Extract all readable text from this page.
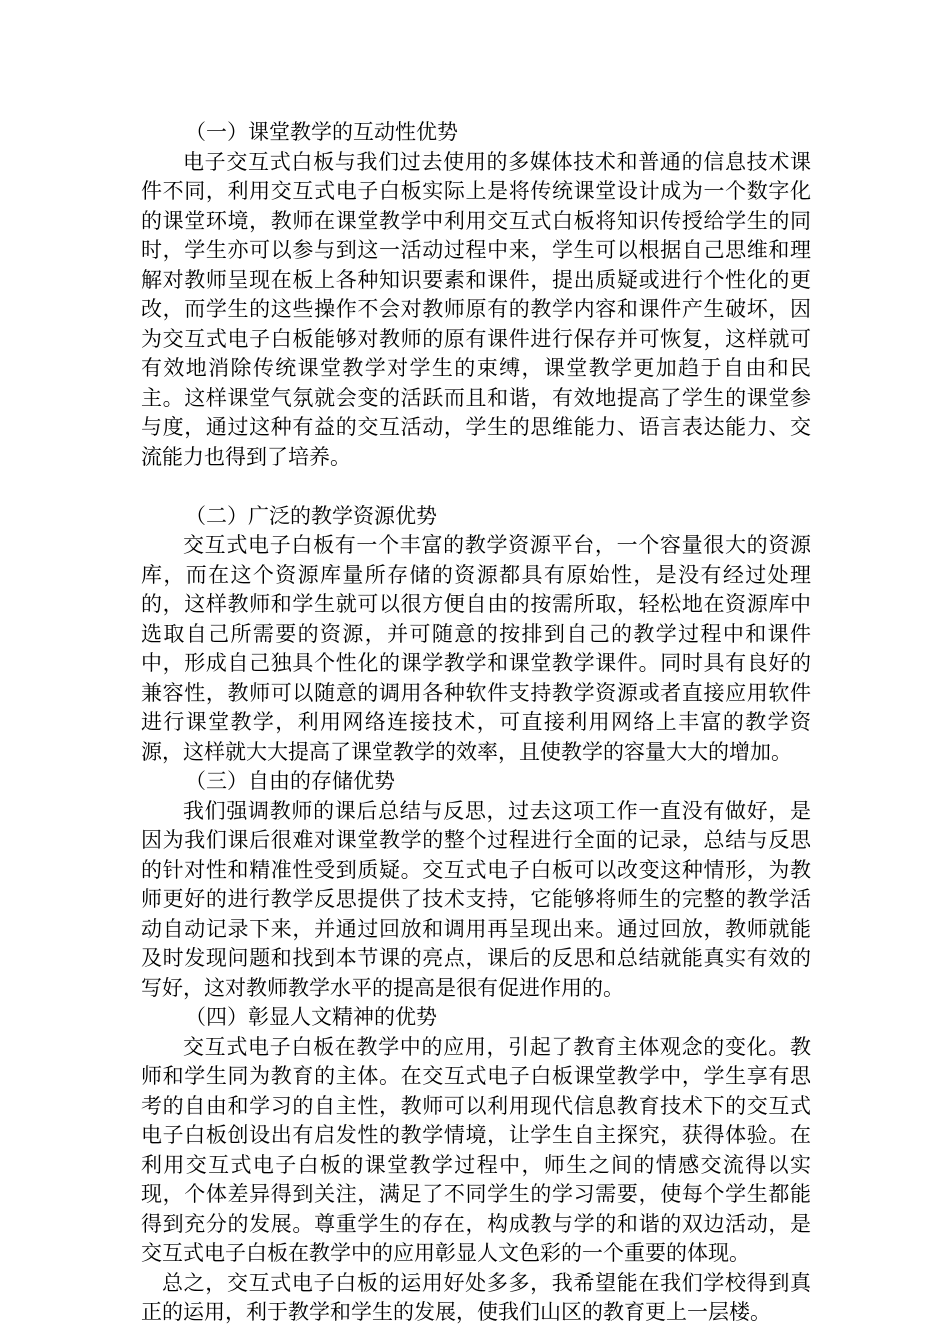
（一）课堂教学的互动性优势

电子交互式白板与我们过去使用的多媒体技术和普通的信息技术课件不同，利用交互式电子白板实际上是将传统课堂设计成为一个数字化的课堂环境，教师在课堂教学中利用交互式白板将知识传授给学生的同时，学生亦可以参与到这一活动过程中来，学生可以根据自己思维和理解对教师呈现在板上各种知识要素和课件，提出质疑或进行个性化的更改，而学生的这些操作不会对教师原有的教学内容和课件产生破坏，因为交互式电子白板能够对教师的原有课件进行保存并可恢复，这样就可有效地消除传统课堂教学对学生的束缚，课堂教学更加趋于自由和民主。这样课堂气氛就会变的活跃而且和谐，有效地提高了学生的课堂参与度，通过这种有益的交互活动，学生的思维能力、语言表达能力、交流能力也得到了培养。

（二）广泛的教学资源优势

交互式电子白板有一个丰富的教学资源平台，一个容量很大的资源库，而在这个资源库量所存储的资源都具有原始性，是没有经过处理的，这样教师和学生就可以很方便自由的按需所取，轻松地在资源库中选取自己所需要的资源，并可随意的按排到自己的教学过程中和课件中，形成自己独具个性化的课学教学和课堂教学课件。同时具有良好的兼容性，教师可以随意的调用各种软件支持教学资源或者直接应用软件进行课堂教学，利用网络连接技术，可直接利用网络上丰富的教学资源，这样就大大提高了课堂教学的效率，且使教学的容量大大的增加。

（三）自由的存储优势

我们强调教师的课后总结与反思，过去这项工作一直没有做好，是因为我们课后很难对课堂教学的整个过程进行全面的记录，总结与反思的针对性和精准性受到质疑。交互式电子白板可以改变这种情形，为教师更好的进行教学反思提供了技术支持，它能够将师生的完整的教学活动自动记录下来，并通过回放和调用再呈现出来。通过回放，教师就能及时发现问题和找到本节课的亮点，课后的反思和总结就能真实有效的写好，这对教师教学水平的提高是很有促进作用的。

（四）彰显人文精神的优势

交互式电子白板在教学中的应用，引起了教育主体观念的变化。教师和学生同为教育的主体。在交互式电子白板课堂教学中，学生享有思考的自由和学习的自主性，教师可以利用现代信息教育技术下的交互式电子白板创设出有启发性的教学情境，让学生自主探究，获得体验。在利用交互式电子白板的课堂教学过程中，师生之间的情感交流得以实现，个体差异得到关注，满足了不同学生的学习需要，使每个学生都能得到充分的发展。尊重学生的存在，构成教与学的和谐的双边活动，是交互式电子白板在教学中的应用彰显人文色彩的一个重要的体现。

总之，交互式电子白板的运用好处多多，我希望能在我们学校得到真正的运用，利于教学和学生的发展，使我们山区的教育更上一层楼。
